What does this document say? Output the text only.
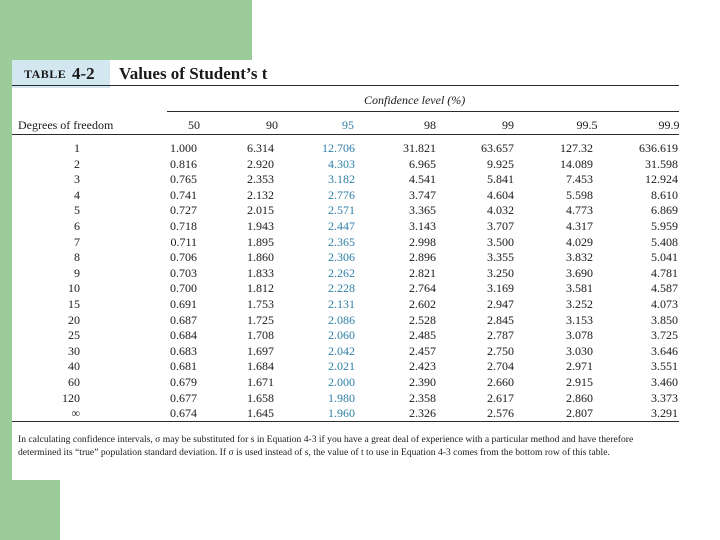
TABLE 4-2 Values of Student’s t
Confidence level (%)
Degrees of freedom	50	90	95	98	99	99.5	99.9
1	1.000	6.314	12.706	31.821	63.657	127.32	636.619
2	0.816	2.920	4.303	6.965	9.925	14.089	31.598
3	0.765	2.353	3.182	4.541	5.841	7.453	12.924
4	0.741	2.132	2.776	3.747	4.604	5.598	8.610
5	0.727	2.015	2.571	3.365	4.032	4.773	6.869
6	0.718	1.943	2.447	3.143	3.707	4.317	5.959
7	0.711	1.895	2.365	2.998	3.500	4.029	5.408
8	0.706	1.860	2.306	2.896	3.355	3.832	5.041
9	0.703	1.833	2.262	2.821	3.250	3.690	4.781
10	0.700	1.812	2.228	2.764	3.169	3.581	4.587
15	0.691	1.753	2.131	2.602	2.947	3.252	4.073
20	0.687	1.725	2.086	2.528	2.845	3.153	3.850
25	0.684	1.708	2.060	2.485	2.787	3.078	3.725
30	0.683	1.697	2.042	2.457	2.750	3.030	3.646
40	0.681	1.684	2.021	2.423	2.704	2.971	3.551
60	0.679	1.671	2.000	2.390	2.660	2.915	3.460
120	0.677	1.658	1.980	2.358	2.617	2.860	3.373
∞	0.674	1.645	1.960	2.326	2.576	2.807	3.291
In calculating confidence intervals, σ may be substituted for s in Equation 4-3 if you have a great deal of experience with a particular method and have therefore determined its “true” population standard deviation. If σ is used instead of s, the value of t to use in Equation 4-3 comes from the bottom row of this table.
